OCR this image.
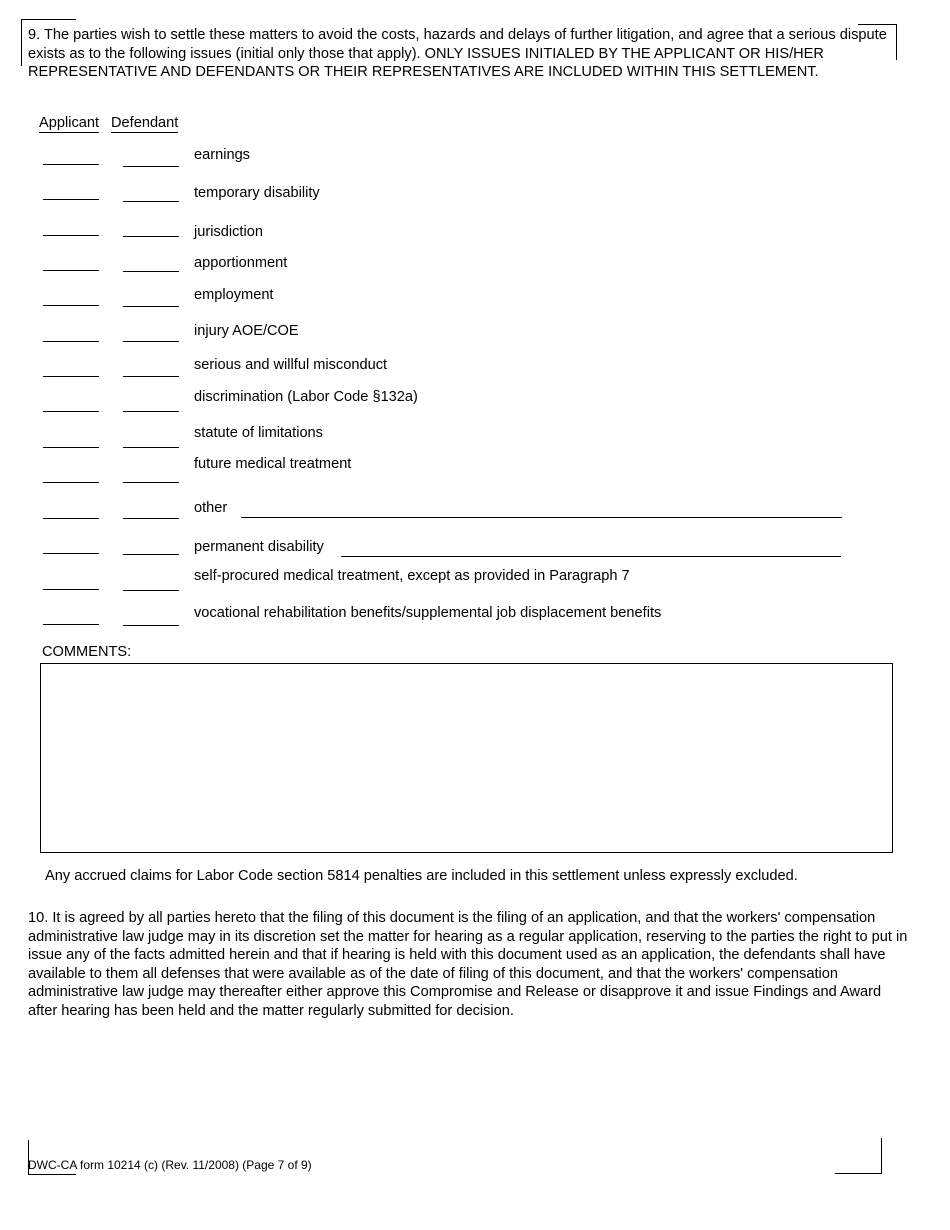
9. The parties wish to settle these matters to avoid the costs, hazards and delays of further litigation, and agree that a serious dispute exists as to the following issues (initial only those that apply). ONLY ISSUES INITIALED BY THE APPLICANT OR HIS/HER REPRESENTATIVE AND DEFENDANTS OR THEIR REPRESENTATIVES ARE INCLUDED WITHIN THIS SETTLEMENT.
Applicant Defendant
earnings
temporary disability
jurisdiction
apportionment
employment
injury AOE/COE
serious and willful misconduct
discrimination (Labor Code §132a)
statute of limitations
future medical treatment
other
permanent disability
self-procured medical treatment, except as provided in Paragraph 7
vocational rehabilitation benefits/supplemental job displacement benefits
COMMENTS:
Any accrued claims for Labor Code section 5814 penalties are included in this settlement unless expressly excluded.
10. It is agreed by all parties hereto that the filing of this document is the filing of an application, and that the workers' compensation administrative law judge may in its discretion set the matter for hearing as a regular application, reserving to the parties the right to put in issue any of the facts admitted herein and that if hearing is held with this document used as an application, the defendants shall have available to them all defenses that were available as of the date of filing of this document, and that the workers' compensation administrative law judge may thereafter either approve this Compromise and Release or disapprove it and issue Findings and Award after hearing has been held and the matter regularly submitted for decision.
DWC-CA form 10214 (c) (Rev. 11/2008) (Page 7 of 9)
